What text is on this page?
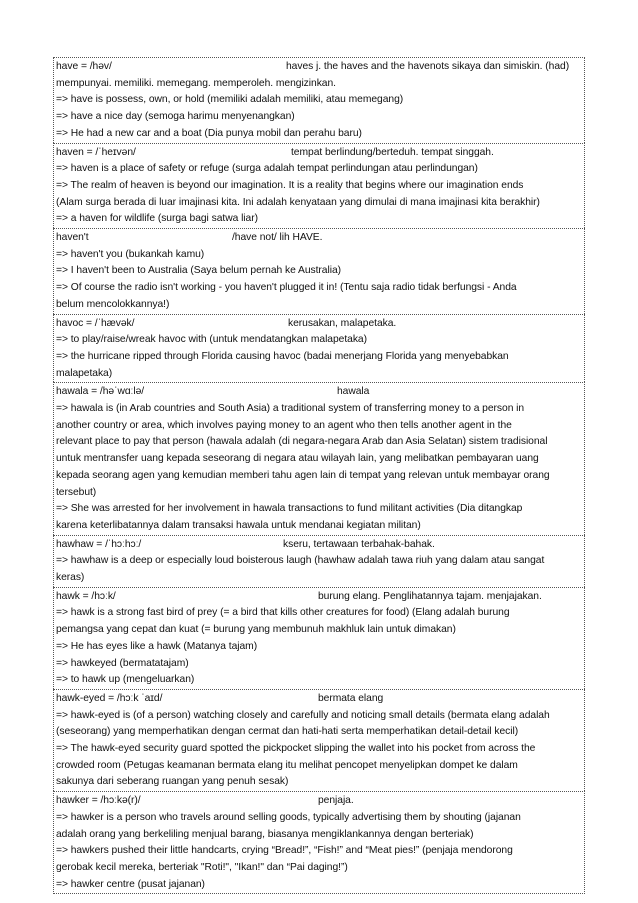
have = /həv/	haves j. the haves and the havenots sikaya dan simiskin. (had)
mempunyai. memiliki. memegang. memperoleh. mengizinkan.
=> have is possess, own, or hold (memiliki adalah memiliki, atau memegang)
=> have a nice day (semoga harimu menyenangkan)
=> He had a new car and a boat (Dia punya mobil dan perahu baru)
haven = /ˈheɪvən/	tempat berlindung/berteduh. tempat singgah.
=> haven is a place of safety or refuge (surga adalah tempat perlindungan atau perlindungan)
=> The realm of heaven is beyond our imagination. It is a reality that begins where our imagination ends
(Alam surga berada di luar imajinasi kita. Ini adalah kenyataan yang dimulai di mana imajinasi kita berakhir)
=> a haven for wildlife (surga bagi satwa liar)
haven't	/have not/ lih HAVE.
=> haven't you (bukankah kamu)
=> I haven't been to Australia (Saya belum pernah ke Australia)
=> Of course the radio isn't working - you haven't plugged it in! (Tentu saja radio tidak berfungsi - Anda
belum mencolokkannya!)
havoc = /ˈhævək/	kerusakan, malapetaka.
=> to play/raise/wreak havoc with (untuk mendatangkan malapetaka)
=> the hurricane ripped through Florida causing havoc (badai menerjang Florida yang menyebabkan
malapetaka)
hawala = /həˈwɑːlə/	hawala
=> hawala is (in Arab countries and South Asia) a traditional system of transferring money to a person in
another country or area, which involves paying money to an agent who then tells another agent in the
relevant place to pay that person (hawala adalah (di negara-negara Arab dan Asia Selatan) sistem tradisional
untuk mentransfer uang kepada seseorang di negara atau wilayah lain, yang melibatkan pembayaran uang
kepada seorang agen yang kemudian memberi tahu agen lain di tempat yang relevan untuk membayar orang
tersebut)
=> She was arrested for her involvement in hawala transactions to fund militant activities (Dia ditangkap
karena keterlibatannya dalam transaksi hawala untuk mendanai kegiatan militan)
hawhaw = /ˈhɔːhɔː/	kseru, tertawaan terbahak-bahak.
=> hawhaw is a deep or especially loud boisterous laugh (hawhaw adalah tawa riuh yang dalam atau sangat
keras)
hawk = /hɔːk/	burung elang. Penglihatannya tajam. menjajakan.
=> hawk is a strong fast bird of prey (= a bird that kills other creatures for food) (Elang adalah burung
pemangsa yang cepat dan kuat (= burung yang membunuh makhluk lain untuk dimakan)
=> He has eyes like a hawk (Matanya tajam)
=> hawkeyed (bermatatajam)
=> to hawk up (mengeluarkan)
hawk-eyed = /hɔːk ˈaɪd/	bermata elang
=> hawk-eyed is (of a person) watching closely and carefully and noticing small details (bermata elang adalah
(seseorang) yang memperhatikan dengan cermat dan hati-hati serta memperhatikan detail-detail kecil)
=> The hawk-eyed security guard spotted the pickpocket slipping the wallet into his pocket from across the
crowded room (Petugas keamanan bermata elang itu melihat pencopet menyelipkan dompet ke dalam
sakunya dari seberang ruangan yang penuh sesak)
hawker = /hɔːkə(r)/	penjaja.
=> hawker is a person who travels around selling goods, typically advertising them by shouting (jajanan
adalah orang yang berkeliling menjual barang, biasanya mengiklankannya dengan berteriak)
=> hawkers pushed their little handcarts, crying “Bread!”, “Fish!” and “Meat pies!” (penjaja mendorong
gerobak kecil mereka, berteriak "Roti!", "Ikan!" dan “Pai daging!”)
=> hawker centre (pusat jajanan)
